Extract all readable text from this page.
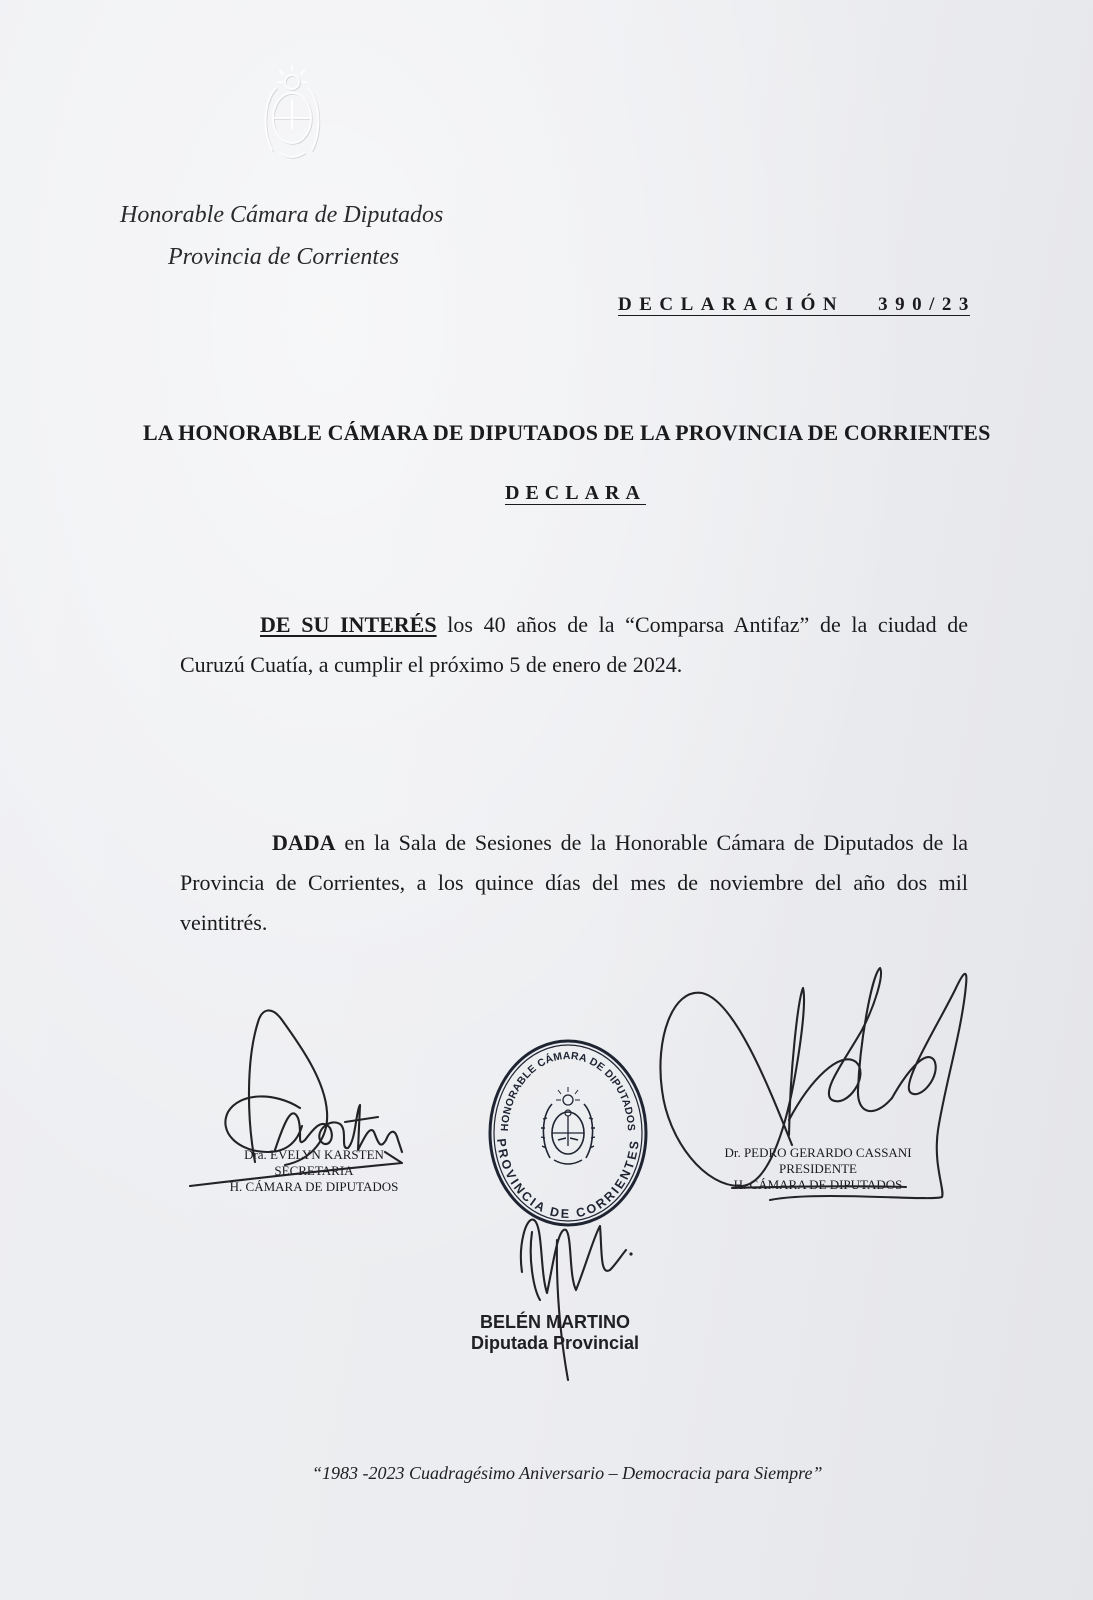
Honorable Cámara de Diputados
Provincia de Corrientes
DECLARACIÓN 390/23
LA HONORABLE CÁMARA DE DIPUTADOS DE LA PROVINCIA DE CORRIENTES
DECLARA
DE SU INTERÉS los 40 años de la “Comparsa Antifaz” de la ciudad de
Curuzú Cuatía, a cumplir el próximo 5 de enero de 2024.
DADA en la Sala de Sesiones de la Honorable Cámara de Diputados de la
Provincia de Corrientes, a los quince días del mes de noviembre del año dos mil
veintitrés.
Dra. EVELYN KARSTEN
SECRETARIA
H. CÁMARA DE DIPUTADOS
Dr. PEDRO GERARDO CASSANI
PRESIDENTE
H. CÁMARA DE DIPUTADOS
BELÉN MARTINO
Diputada Provincial
“1983 -2023 Cuadragésimo Aniversario – Democracia para Siempre”
HONORABLE CÁMARA DE DIPUTADOS
PROVINCIA DE CORRIENTES
